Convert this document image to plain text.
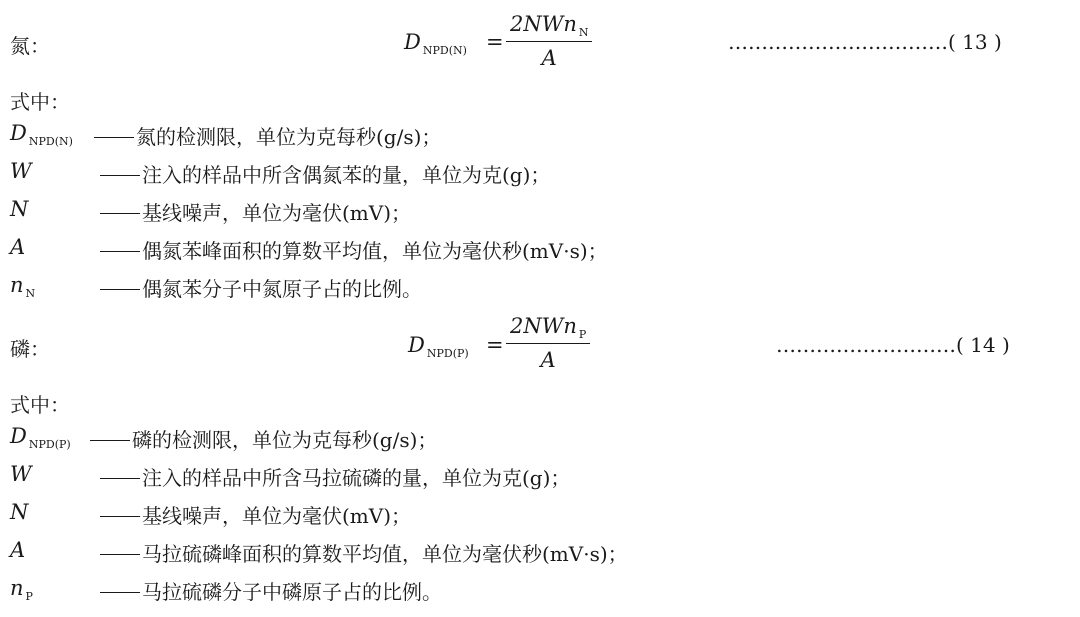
氮：	D $_{NPD(N)}$ =
2NWn $_N$
A
……………………………( 13 )
式中：
D $_{NPD(N)}$	氮的检测限，单位为克每秒(g/s)；
W	注入的样品中所含偶氮苯的量，单位为克(g)；
N	基线噪声，单位为毫伏(mV)；
A	偶氮苯峰面积的算数平均值，单位为毫伏秒(mV·s)；
n $_N$	偶氮苯分子中氮原子占的比例。
磷：	D $_{NPD(P)}$ =
2NWn $_P$
A
………………………( 14 )
式中：
D $_{NPD(P)}$	磷的检测限，单位为克每秒(g/s)；
W	注入的样品中所含马拉硫磷的量，单位为克(g)；
N	基线噪声，单位为毫伏(mV)；
A	马拉硫磷峰面积的算数平均值，单位为毫伏秒(mV·s)；
n $_P$	马拉硫磷分子中磷原子占的比例。
